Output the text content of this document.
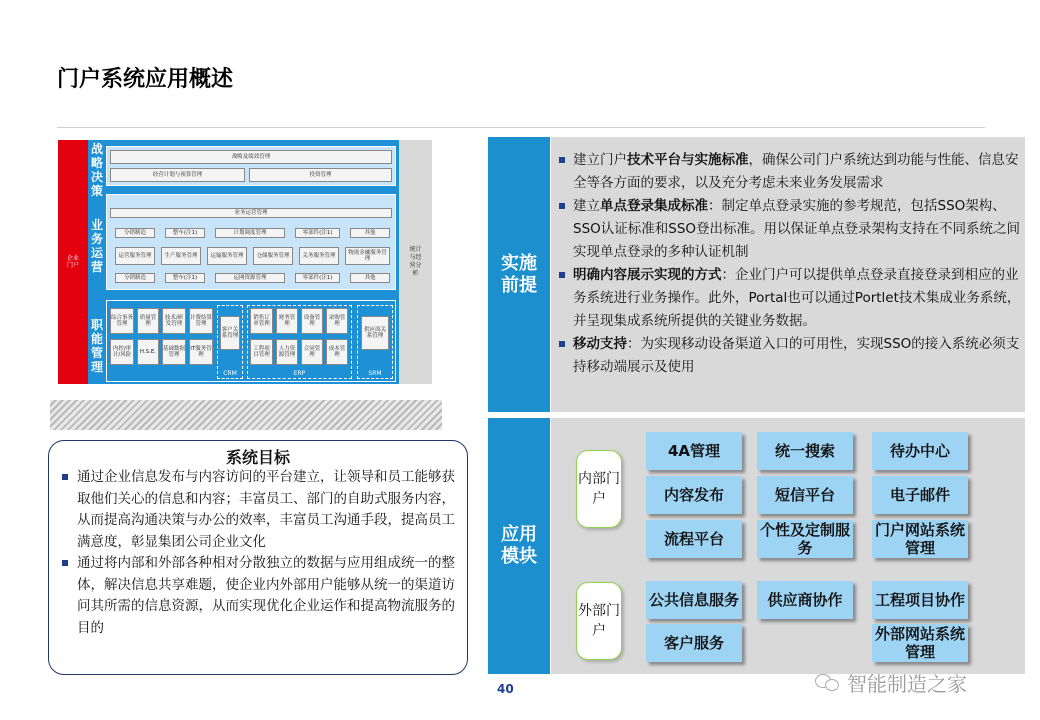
门户系统应用概述
企业门户
战略决策
战略及绩效管理
经营计划与预算管理	投资管理
业务运营
业务运营管理
分销制造	整车(注1)	计划调度管理	零部件(注1)	其他
运营服务管理	生产服务管理	运输服务管理	仓储服务管理	关务服务管理	物流金融服务管理
分销制造	整车(注1)	运网资源管理	零部件(注1)	其他
职能管理
综合事务管理
质量管理
技术/研发管理
计费结算管理
内控/审计/风险	H.S.E.	基础数据管理
IT服务管理
客户关系管理
CRM
销售订单管理
财务管理
设备管理
采购管理
工程项目管理
人力资源管理
合同管理
成本管理
ERP
供应商关系管理
SRM
统计与经营分析
系统目标
通过企业信息发布与内容访问的平台建立，让领导和员工能够获取他们关心的信息和内容；丰富员工、部门的自助式服务内容，从而提高沟通决策与办公的效率，丰富员工沟通手段，提高员工满意度，彰显集团公司企业文化
通过将内部和外部各种相对分散独立的数据与应用组成统一的整体，解决信息共享难题，使企业内外部用户能够从统一的渠道访问其所需的信息资源，从而实现优化企业运作和提高物流服务的目的
实施前提
建立门户技术平台与实施标准，确保公司门户系统达到功能与性能、信息安全等各方面的要求，以及充分考虑未来业务发展需求
建立单点登录集成标准：制定单点登录实施的参考规范，包括SSO架构、SSO认证标准和SSO登出标准。用以保证单点登录架构支持在不同系统之间实现单点登录的多种认证机制
明确内容展示实现的方式：企业门户可以提供单点登录直接登录到相应的业务系统进行业务操作。此外，Portal也可以通过Portlet技术集成业务系统，并呈现集成系统所提供的关键业务数据。
移动支持：为实现移动设备渠道入口的可用性，实现SSO的接入系统必须支持移动端展示及使用
应用模块
内部门户
外部门户
4A管理	统一搜索	待办中心
内容发布	短信平台	电子邮件
流程平台	个性及定制服务
门户网站系统管理
公共信息服务	供应商协作	工程项目协作
客户服务	外部网站系统管理
40	智能制造之家
